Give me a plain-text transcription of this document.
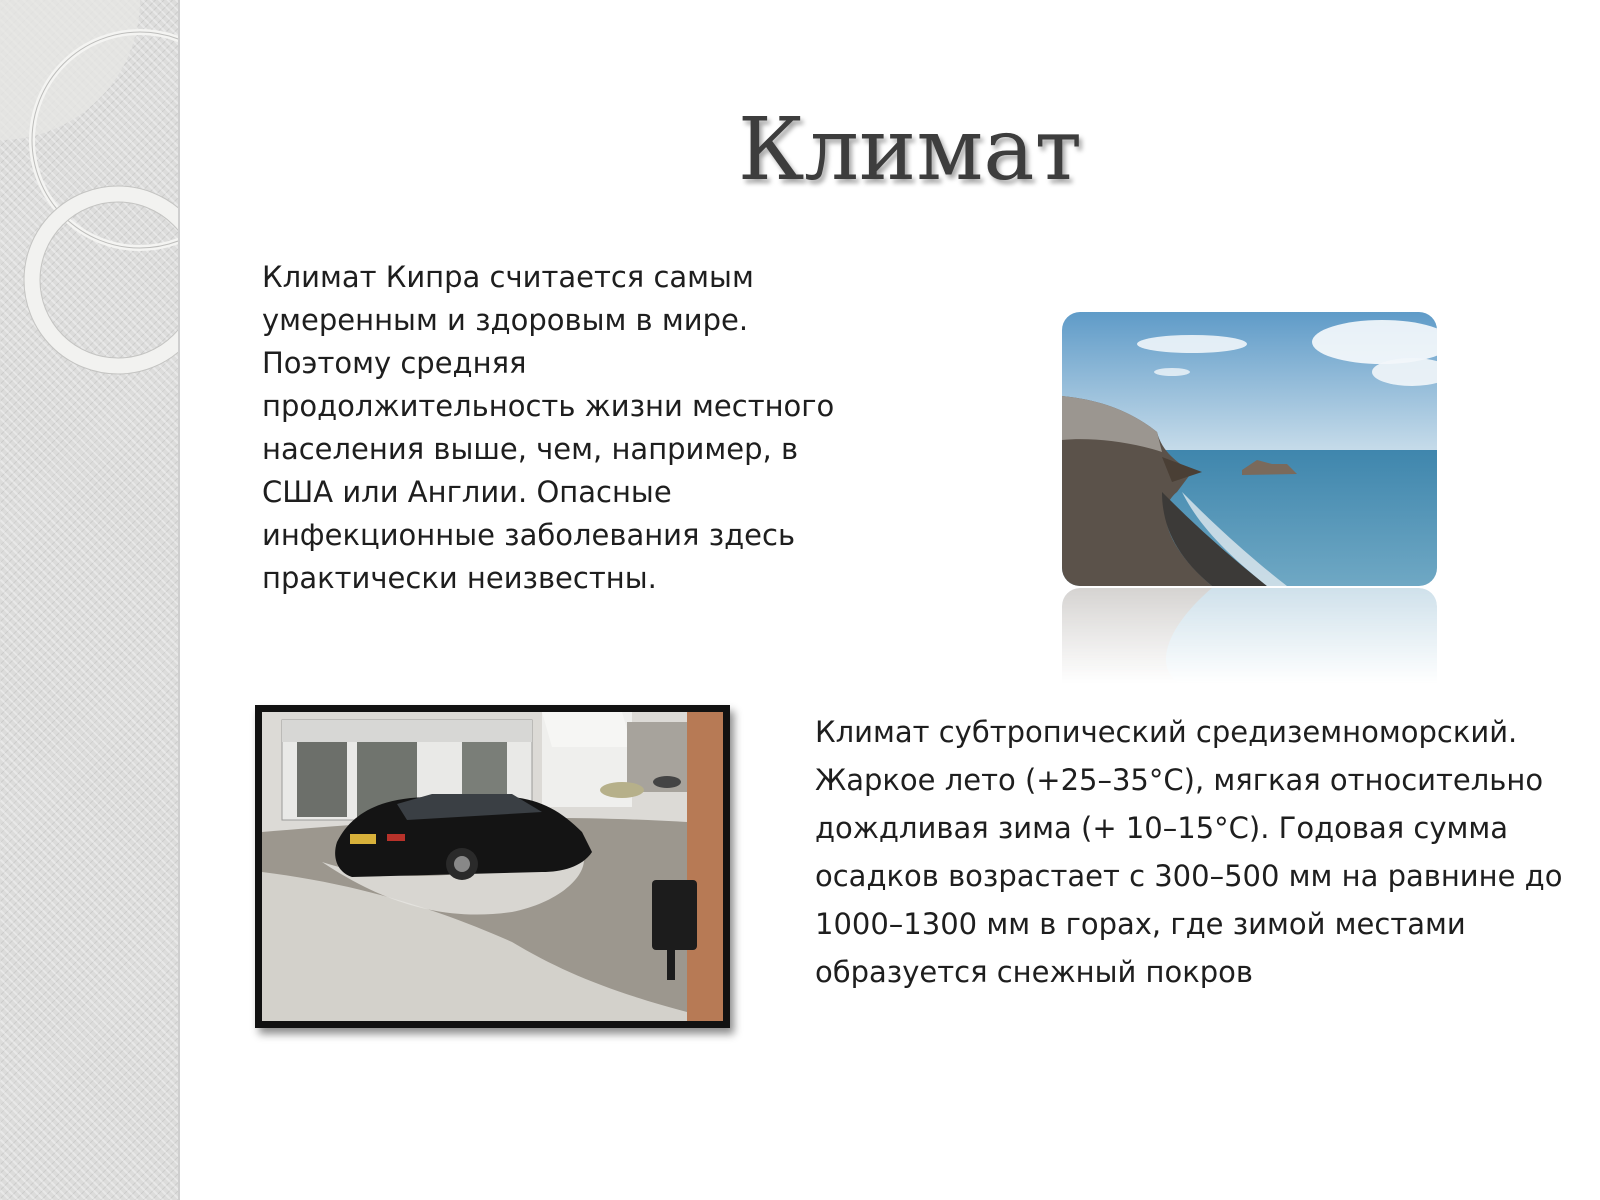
Климат

Климат Кипра считается самым умеренным и здоровым в мире. Поэтому средняя продолжительность жизни местного населения выше, чем, например, в США или Англии. Опасные инфекционные заболевания здесь практически неизвестны.

Климат субтропический средиземноморский. Жаркое лето (+25–35°C), мягкая относительно дождливая зима (+ 10–15°C). Годовая сумма осадков возрастает с 300–500 мм на равнине до 1000–1300 мм в горах, где зимой местами образуется снежный покров
